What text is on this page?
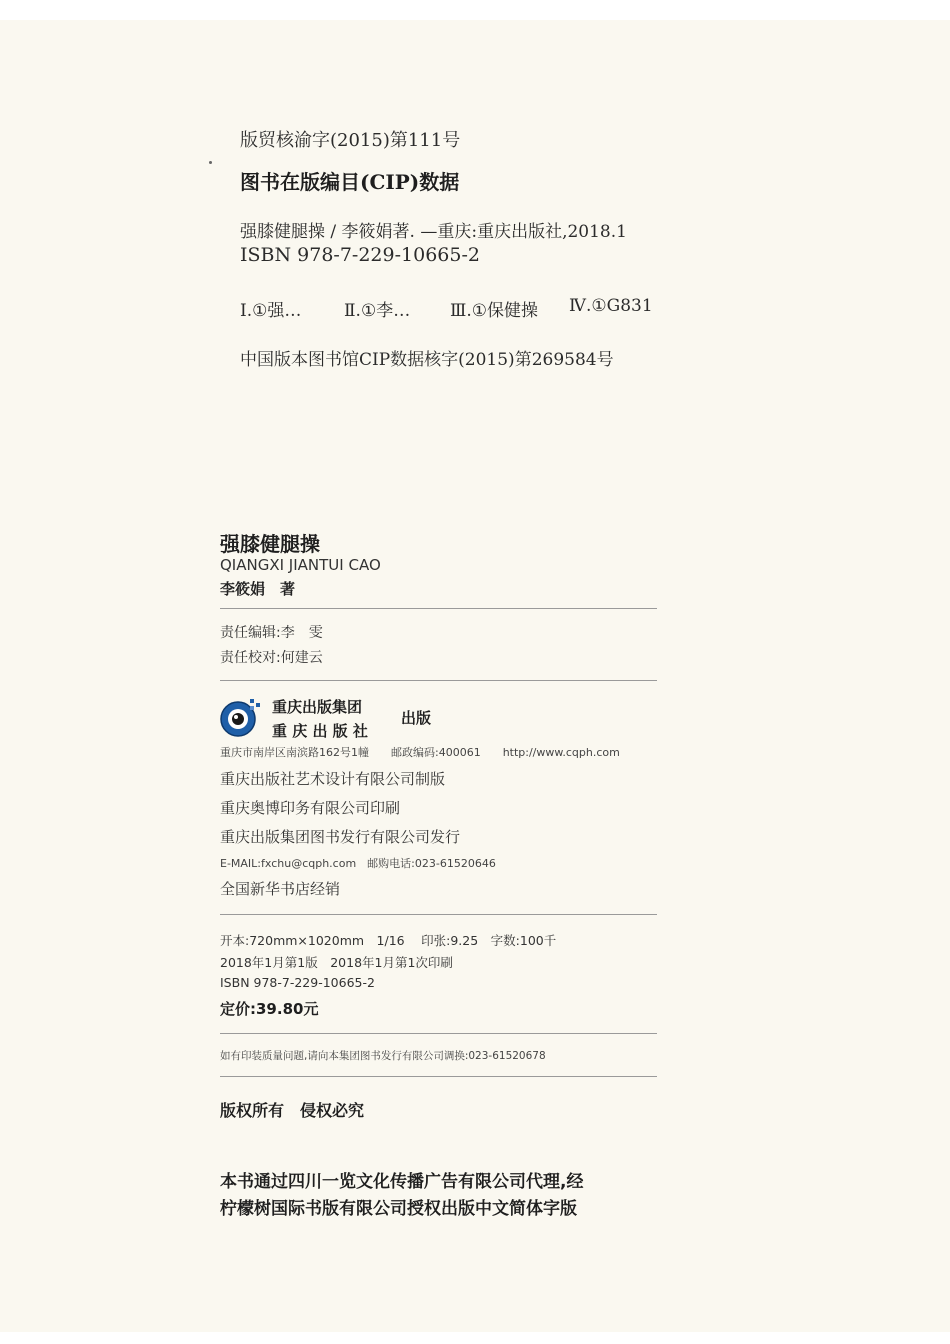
版贸核渝字(2015)第111号
图书在版编目(CIP)数据
强膝健腿操 / 李筱娟著. —重庆:重庆出版社,2018.1
ISBN 978-7-229-10665-2
Ⅰ.①强…	Ⅱ.①李… Ⅲ.①保健操 Ⅳ.①G831
中国版本图书馆CIP数据核字(2015)第269584号
强膝健腿操
QIANGXI JIANTUI CAO
李筱娟　著
责任编辑:李　雯
责任校对:何建云
重庆出版集团
重 庆 出 版 社
出版
重庆市南岸区南滨路162号1幢　　邮政编码:400061　　http://www.cqph.com
重庆出版社艺术设计有限公司制版
重庆奥博印务有限公司印刷
重庆出版集团图书发行有限公司发行
E-MAIL:fxchu@cqph.com　邮购电话:023-61520646
全国新华书店经销
开本:720mm×1020mm　1/16　 印张:9.25　字数:100千
2018年1月第1版　2018年1月第1次印刷
ISBN 978-7-229-10665-2
定价:39.80元
如有印装质量问题,请向本集团图书发行有限公司调换:023-61520678
版权所有　侵权必究
本书通过四川一览文化传播广告有限公司代理,经
柠檬树国际书版有限公司授权出版中文简体字版
